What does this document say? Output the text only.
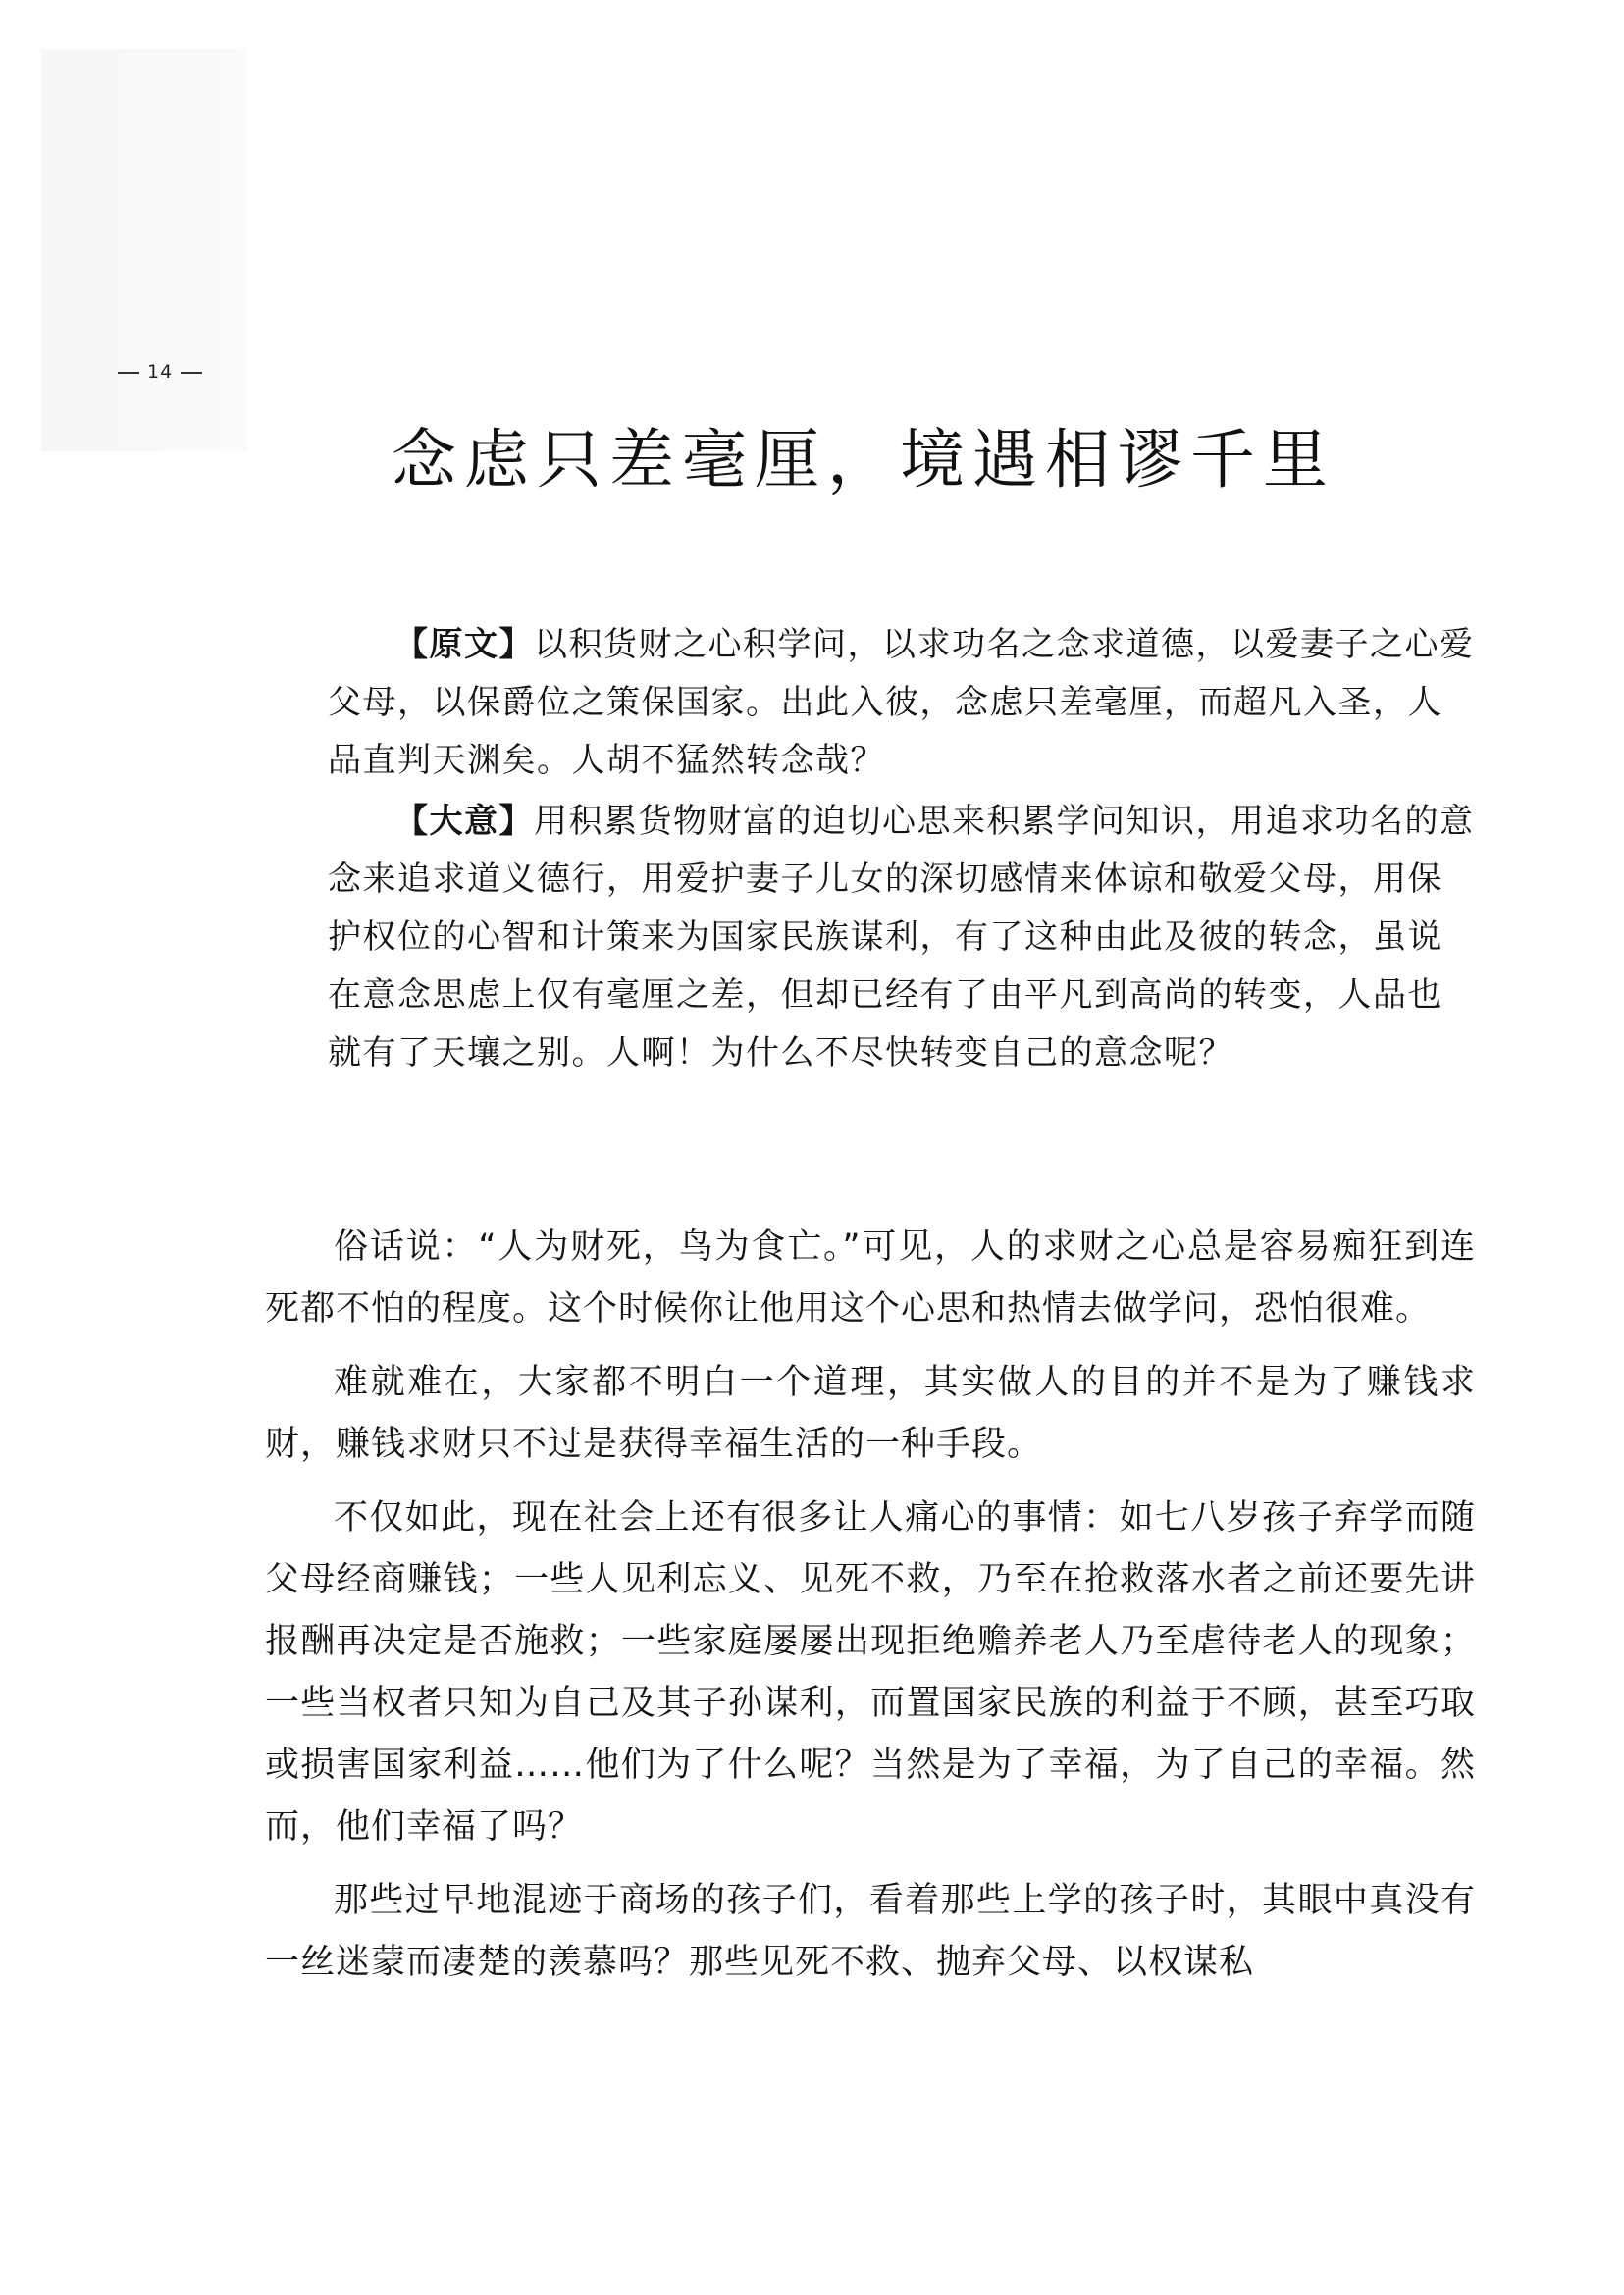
14
念虑只差毫厘，境遇相谬千里

【原文】以积货财之心积学问，以求功名之念求道德，以爱妻子之心爱父母，以保爵位之策保国家。出此入彼，念虑只差毫厘，而超凡入圣，人品直判天渊矣。人胡不猛然转念哉？

【大意】用积累货物财富的迫切心思来积累学问知识，用追求功名的意念来追求道义德行，用爱护妻子儿女的深切感情来体谅和敬爱父母，用保护权位的心智和计策来为国家民族谋利，有了这种由此及彼的转念，虽说在意念思虑上仅有毫厘之差，但却已经有了由平凡到高尚的转变，人品也就有了天壤之别。人啊！为什么不尽快转变自己的意念呢？

俗话说：“人为财死，鸟为食亡。”可见，人的求财之心总是容易痴狂到连死都不怕的程度。这个时候你让他用这个心思和热情去做学问，恐怕很难。

难就难在，大家都不明白一个道理，其实做人的目的并不是为了赚钱求财，赚钱求财只不过是获得幸福生活的一种手段。

不仅如此，现在社会上还有很多让人痛心的事情：如七八岁孩子弃学而随父母经商赚钱；一些人见利忘义、见死不救，乃至在抢救落水者之前还要先讲报酬再决定是否施救；一些家庭屡屡出现拒绝赡养老人乃至虐待老人的现象；一些当权者只知为自己及其子孙谋利，而置国家民族的利益于不顾，甚至巧取或损害国家利益……他们为了什么呢？当然是为了幸福，为了自己的幸福。然而，他们幸福了吗？

那些过早地混迹于商场的孩子们，看着那些上学的孩子时，其眼中真没有一丝迷蒙而凄楚的羡慕吗？那些见死不救、抛弃父母、以权谋私
